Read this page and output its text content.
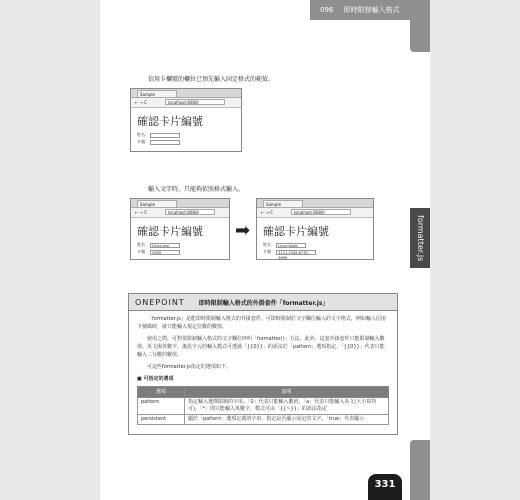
096 即時限制輸入格式
formatter.js
331
信用卡欄號的欄位已預先輸入固定格式的範值。
Sample
← → C	localhost:8080/
確認卡片編號
姓名：
卡號：
輸入文字時，只能夠依照格式輸入。
Sample
← → C	localhost:8080/
確認卡片編號
姓名： Linos Jiao
卡號： 0000
➡
Sample
← → C	localhost:8080/
確認卡片編號
姓名： Linos Kozai
卡號： 1111-2345-6770-9999
ONEPOINT 即時限制輸入格式的外掛套件「formatter.js」

「formatter.js」是能即時限制輸入格式的外掛套件。可即時限制於文字欄位輸入的文字格式，例如輸入信用卡號碼時，就只能輸入規定位數的數值。

使用之際，可對要限制輸入格式的文字欄位呼叫「formatter()」方法。此外，這套外掛套件只能限制輸入數值、英文與英數字，後設字元的輸入模式可透過「{{0}}」的語法於「pattern」選項指定，「{{0}}」代表只能輸入二分數的數值。

可這些formatter.js指定的選項如下。

■ 可指定的選項
選項	說明
pattern	指定輸入選擇限制的字串。「0」代表只能輸入數值，「a」代表只能輸入英文(大小寫均可)，「*」則只能輸入英數字，模式可由「{{~}}」的語法指定
persistent	顯於「pattern」選項定義的字串，指定是否顯示固定的文字。「true」代表顯示
